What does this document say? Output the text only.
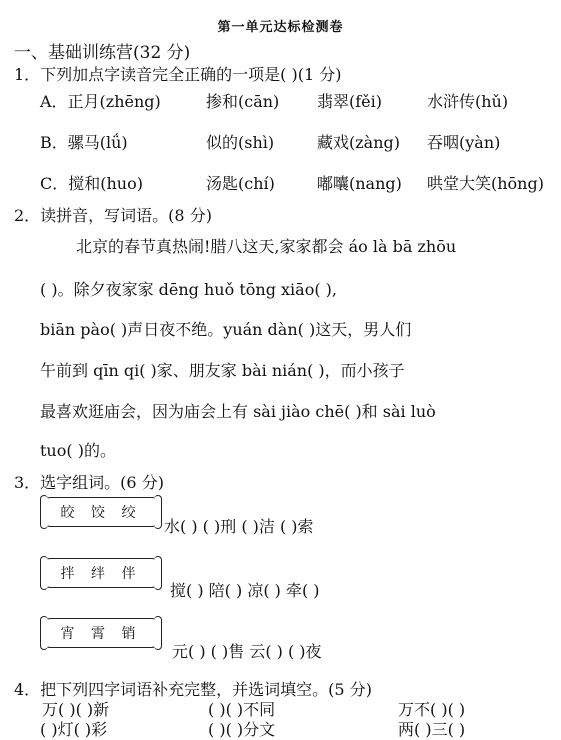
第一单元达标检测卷
一、基础训练营(32 分)
1．下列加点字读音完全正确的一项是( )(1 分)
A．正月(zhēng)	掺和(cān) 翡翠(fěi)	水浒传(hǔ)
B．骡马(lǘ)	似的(shì)	藏戏(zàng) 吞咽(yàn)
C．搅和(huo)	汤匙(chí)	嘟囔(nang) 哄堂大笑(hōng)
2．读拼音，写词语。(8 分)
北京的春节真热闹!腊八这天,家家都会 áo là bā zhōu
( )。除夕夜家家 dēng huǒ tōng xiāo( ),
biān pào( )声日夜不绝。yuán dàn( )这天，男人们
午前到 qīn qi( )家、朋友家 bài nián( )，而小孩子
最喜欢逛庙会，因为庙会上有 sài jiào chē( )和 sài luò
tuo( )的。
3．选字组词。(6 分)
皎 饺 绞
水( ) ( )刑 ( )洁 ( )索
拌 绊 伴
搅( ) 陪( ) 凉( ) 牵( )
宵 霄 销
元( ) ( )售 云( ) ( )夜
4．把下列四字词语补充完整，并选词填空。(5 分)
万( )( )新	( )( )不同	万不( )( )
( )灯( )彩	( )( )分文	两( )三( )
